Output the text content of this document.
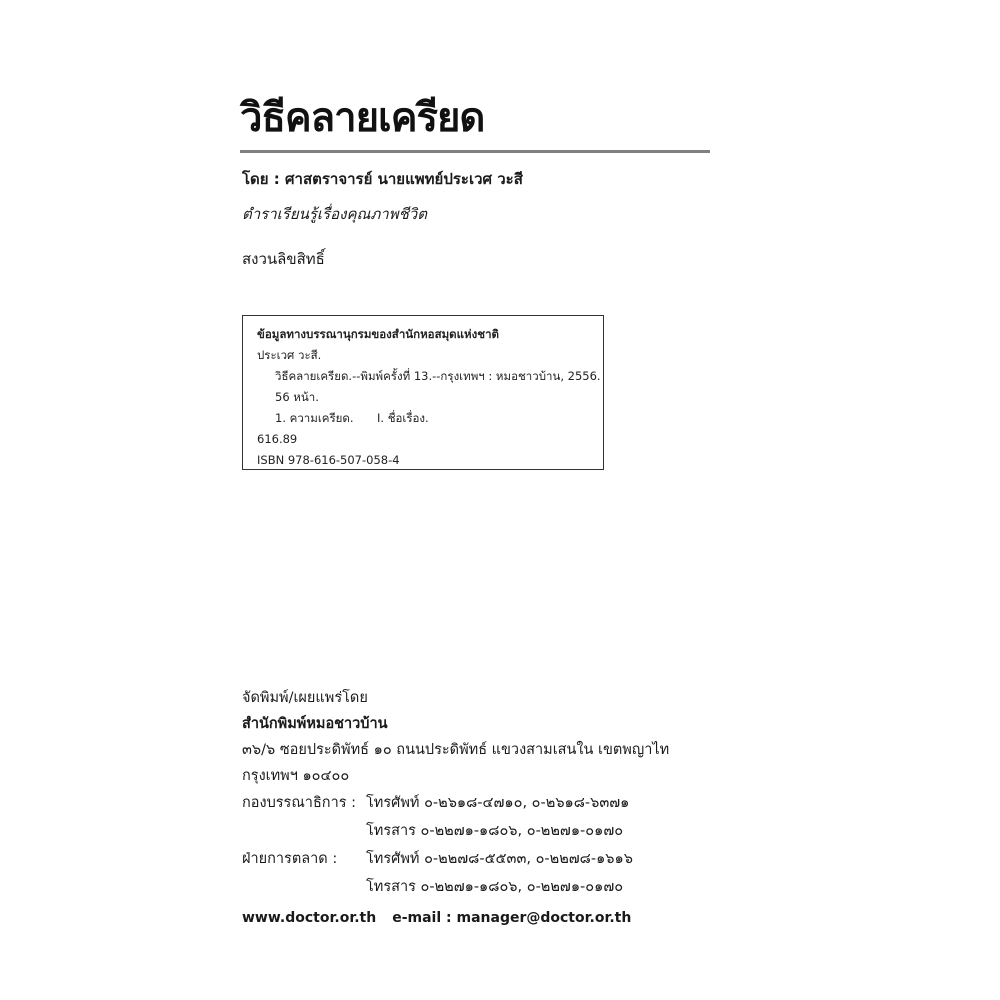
วิธีคลายเครียด
โดย : ศาสตราจารย์ นายแพทย์ประเวศ วะสี
ตำราเรียนรู้เรื่องคุณภาพชีวิต
สงวนลิขสิทธิ์
ข้อมูลทางบรรณานุกรมของสำนักหอสมุดแห่งชาติ
ประเวศ วะสี.
วิธีคลายเครียด.--พิมพ์ครั้งที่ 13.--กรุงเทพฯ : หมอชาวบ้าน, 2556.
56 หน้า.
1. ความเครียด. I. ชื่อเรื่อง.
616.89
ISBN 978-616-507-058-4
จัดพิมพ์/เผยแพร่โดย
สำนักพิมพ์หมอชาวบ้าน
๓๖/๖ ซอยประดิพัทธ์ ๑๐ ถนนประดิพัทธ์ แขวงสามเสนใน เขตพญาไท
กรุงเทพฯ ๑๐๔๐๐
กองบรรณาธิการ : โทรศัพท์ ๐-๒๖๑๘-๔๗๑๐, ๐-๒๖๑๘-๖๓๗๑
โทรสาร ๐-๒๒๗๑-๑๘๐๖, ๐-๒๒๗๑-๐๑๗๐
ฝ่ายการตลาด :	โทรศัพท์ ๐-๒๒๗๘-๕๕๓๓, ๐-๒๒๗๘-๑๖๑๖
โทรสาร ๐-๒๒๗๑-๑๘๐๖, ๐-๒๒๗๑-๐๑๗๐
www.doctor.or.th e-mail : manager@doctor.or.th
